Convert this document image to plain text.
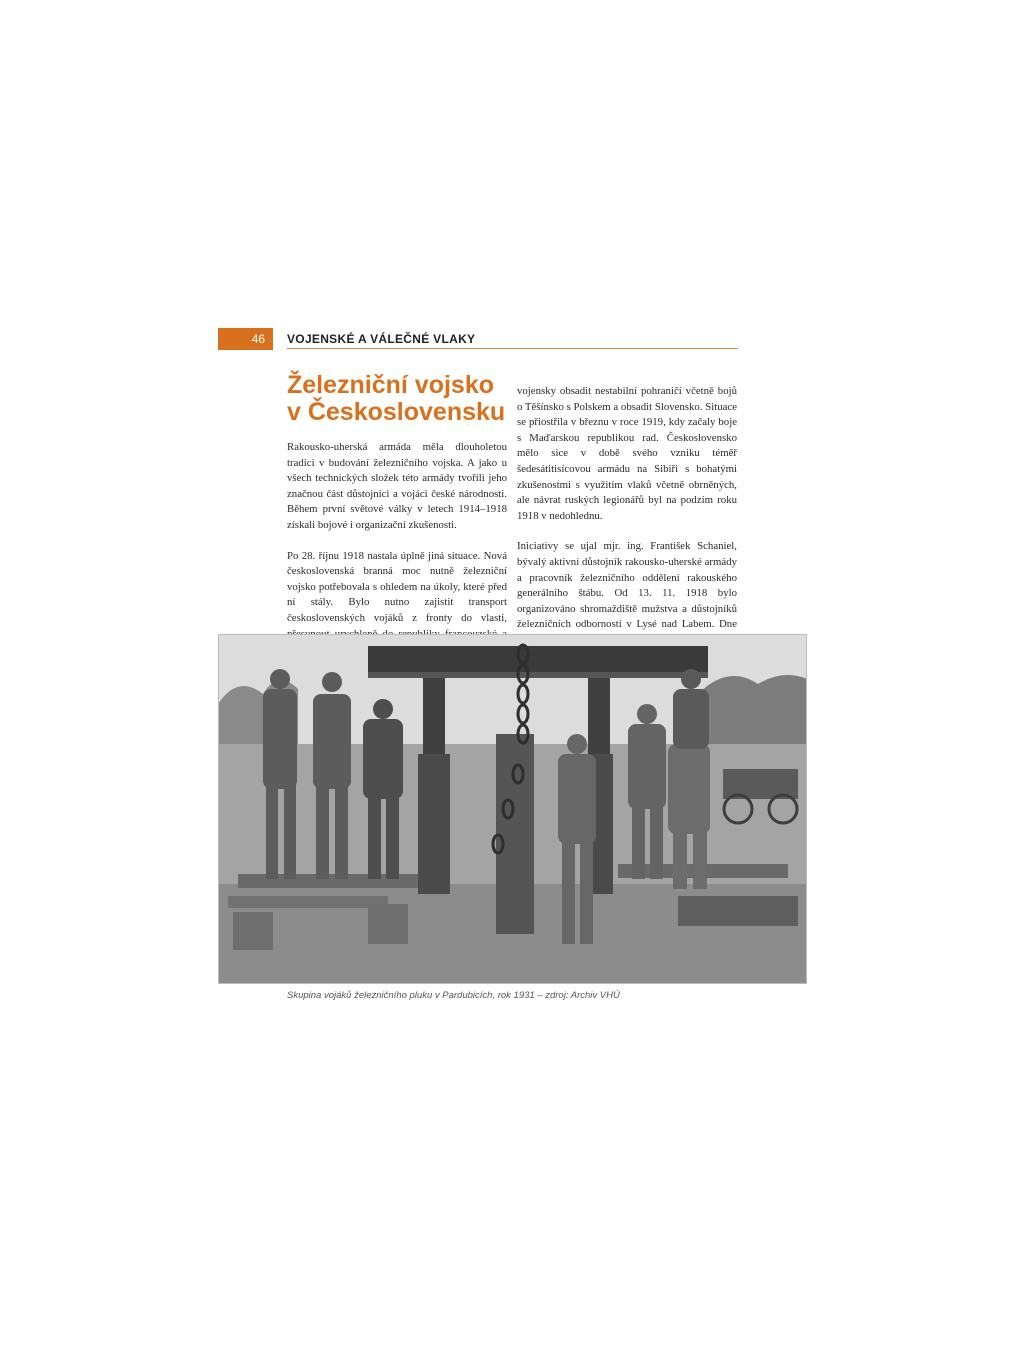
46	VOJENSKÉ A VÁLEČNÉ VLAKY
Železniční vojsko
v Československu

Rakousko-uherská armáda měla dlouholetou tradici v budování železničního vojska. A jako u všech technických složek této armády tvořili jeho značnou část důstojníci a vojáci české národnosti. Během první světové války v letech 1914–1918 získali bojové i organizační zkušenosti.

Po 28. říjnu 1918 nastala úplně jiná situace. Nová československá branná moc nutně železniční vojsko potřebovala s ohledem na úkoly, které před ní stály. Bylo nutno zajistit transport československých vojáků z fronty do vlasti,

vojensky obsadit nestabilní pohraničí včetně bojů o Těšínsko s Polskem a obsadit Slovensko. Situace se přiostřila v březnu v roce 1919, kdy začaly boje s Maďarskou republikou rad. Československo mělo sice v době svého vzniku téměř šedesátitisícovou armádu na Sibiři s bohatými zkušenostmi s využitím vlaků včetně obrněných, ale návrat ruských legionářů byl na podzim roku 1918 v nedohlednu.

Iniciativy se ujal mjr. ing. František Schaniel, bývalý aktivní důstojník rakousko-uherské armády a pracovník železničního oddělení rakouského generálního štábu. Od 13. 11. 1918 bylo organizováno shromaždiště mužstva a důstojníků železničních odborností v Lysé nad Labem. Dne

Skupina vojáků železničního pluku v Pardubicích, rok 1931 – zdroj: Archiv VHÚ
